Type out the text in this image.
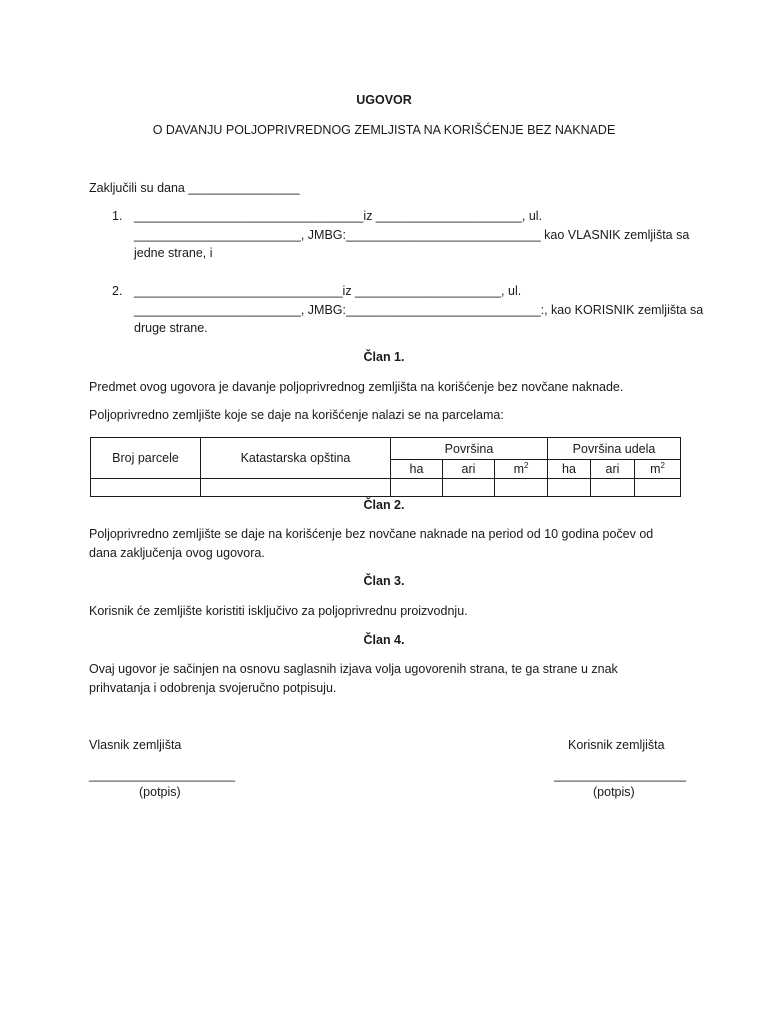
UGOVOR
O DAVANJU POLJOPRIVREDNOG ZEMLJISTA NA KORIŠĆENJE BEZ NAKNADE
Zaključili su dana ________________
1. _________________________________iz _____________________, ul.
________________________, JMBG:____________________________ kao VLASNIK zemljišta sa
jedne strane, i
2. ______________________________iz _____________________, ul.
________________________, JMBG:____________________________:, kao KORISNIK zemljišta sa
druge strane.
Član 1.
Predmet ovog ugovora je davanje poljoprivrednog zemljišta na korišćenje bez novčane naknade.
Poljoprivredno zemljište koje se daje na korišćenje nalazi se na parcelama:
Broj parcele	Katastarska opština	Površina			Površina udela		
		ha	ari	$m^2$	ha	ari	$m^2$

Član 2.
Poljoprivredno zemljište se daje na korišćenje bez novčane naknade na period od 10 godina počev od
dana zaključenja ovog ugovora.
Član 3.
Korisnik će zemljište koristiti isključivo za poljoprivrednu proizvodnju.
Član 4.
Ovaj ugovor je sačinjen na osnovu saglasnih izjava volja ugovorenih strana, te ga strane u znak
prihvatanja i odobrenja svojeručno potpisuju.
Vlasnik zemljišta
_____________________
(potpis)
Korisnik zemljišta
___________________
(potpis)
